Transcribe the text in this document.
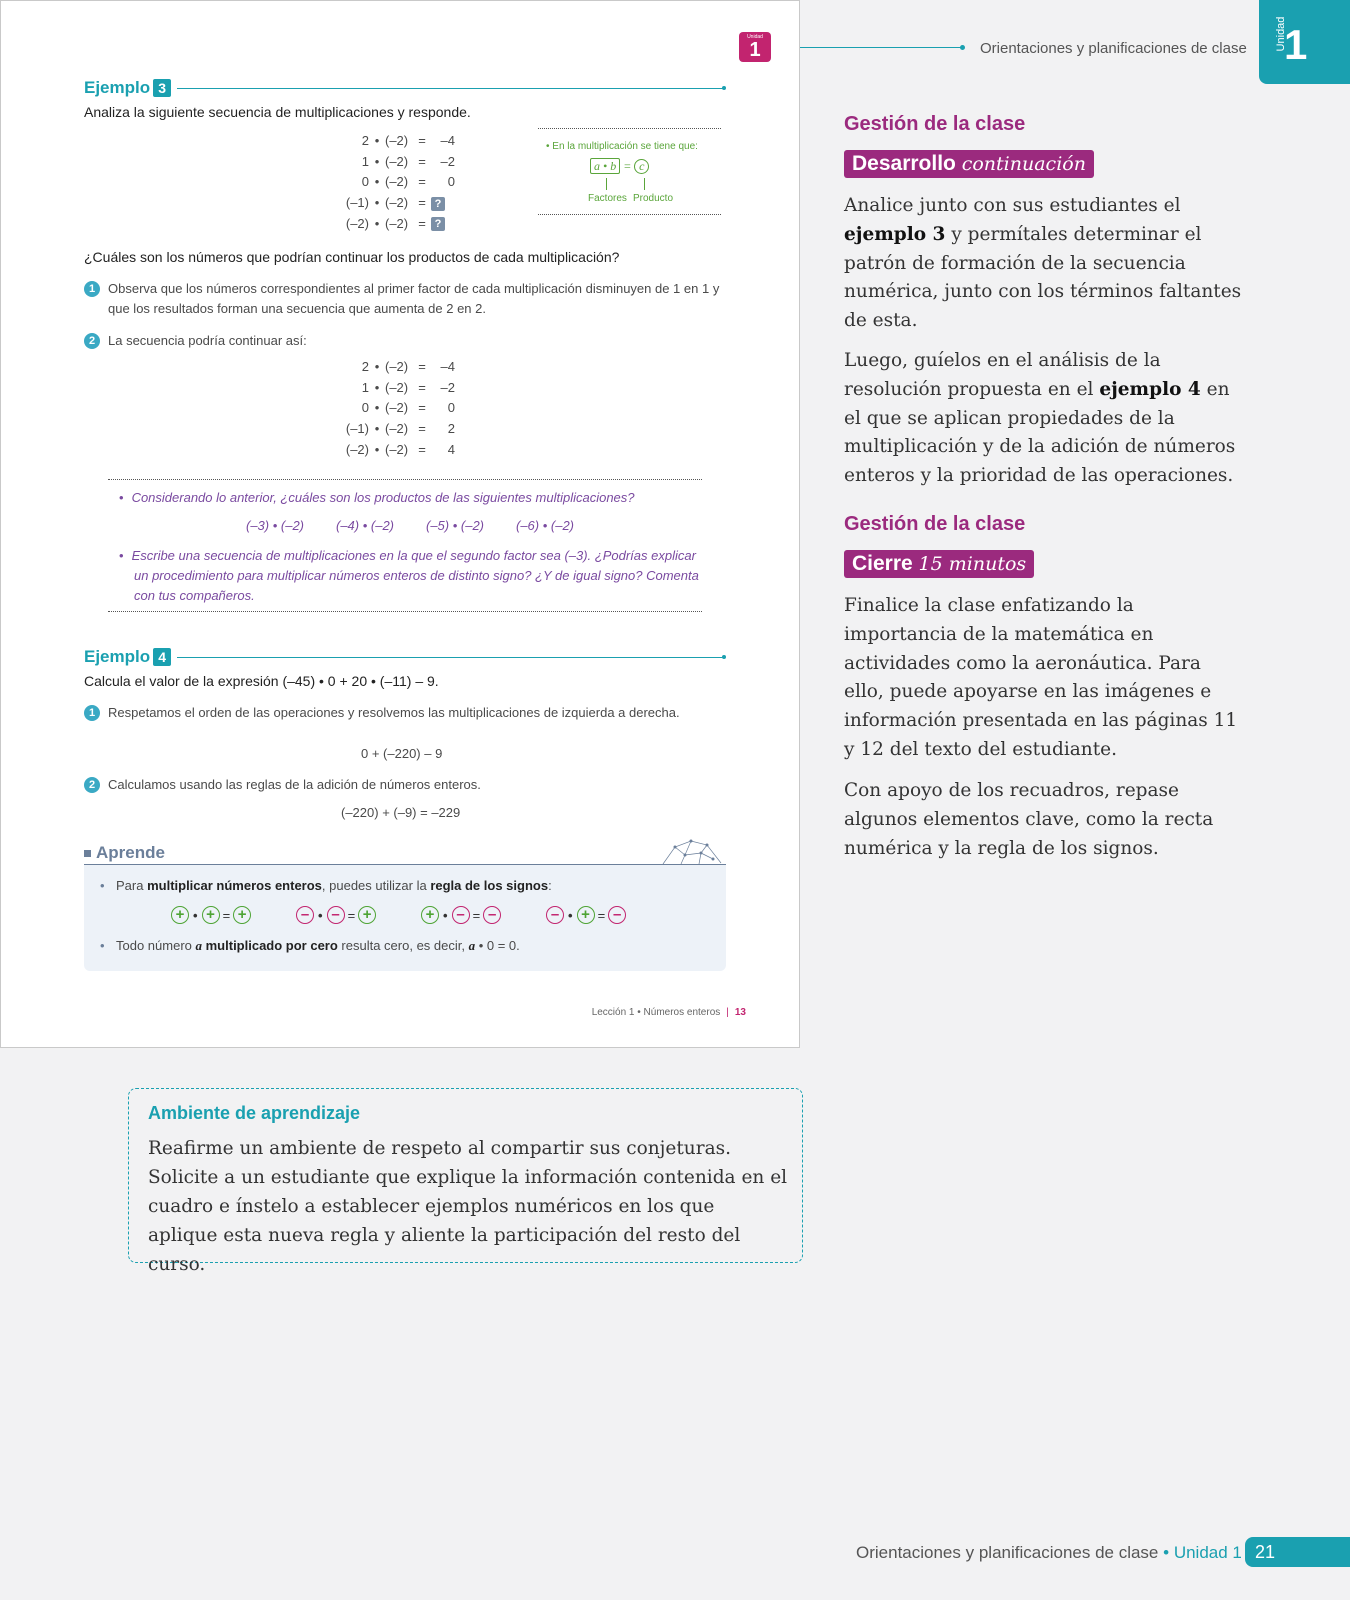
Unidad
1
Ejemplo 3
Analiza la siguiente secuencia de multiplicaciones y responde.
2 • (–2) = –4
1 • (–2) = –2
0 • (–2) = 0
(–1) • (–2) = ?
(–2) • (–2) = ?
• En la multiplicación se tiene que:
a • b = c
Factores Producto
¿Cuáles son los números que podrían continuar los productos de cada multiplicación?
1 Observa que los números correspondientes al primer factor de cada multiplicación disminuyen de 1 en 1 y que los resultados forman una secuencia que aumenta de 2 en 2.
2 La secuencia podría continuar así:
2 • (–2) = –4
1 • (–2) = –2
0 • (–2) = 0
(–1) • (–2) = 2
(–2) • (–2) = 4
• Considerando lo anterior, ¿cuáles son los productos de las siguientes multiplicaciones?
(–3) • (–2) (–4) • (–2) (–5) • (–2) (–6) • (–2)
• Escribe una secuencia de multiplicaciones en la que el segundo factor sea (–3). ¿Podrías explicar un procedimiento para multiplicar números enteros de distinto signo? ¿Y de igual signo? Comenta con tus compañeros.
Ejemplo 4
Calcula el valor de la expresión (–45) • 0 + 20 • (–11) – 9.
1 Respetamos el orden de las operaciones y resolvemos las multiplicaciones de izquierda a derecha.
0 + (–220) – 9
2 Calculamos usando las reglas de la adición de números enteros.
(–220) + (–9) = –229
Aprende
• Para multiplicar números enteros, puedes utilizar la regla de los signos:
• Todo número a multiplicado por cero resulta cero, es decir, a • 0 = 0.
+ • + = +	– • – = +	+ • – = –	– • + = –
Lección 1 • Números enteros | 13
Orientaciones y planificaciones de clase	Unidad
1
Gestión de la clase
Desarrollo continuación
Analice junto con sus estudiantes el ejemplo 3 y permítales determinar el patrón de formación de la secuencia numérica, junto con los términos faltantes de esta.
Luego, guíelos en el análisis de la resolución propuesta en el ejemplo 4 en el que se aplican propiedades de la multiplicación y de la adición de números enteros y la prioridad de las operaciones.
Gestión de la clase
Cierre 15 minutos
Finalice la clase enfatizando la importancia de la matemática en actividades como la aeronáutica. Para ello, puede apoyarse en las imágenes e información presentada en las páginas 11 y 12 del texto del estudiante.
Con apoyo de los recuadros, repase algunos elementos clave, como la recta numérica y la regla de los signos.
Ambiente de aprendizaje
Reafirme un ambiente de respeto al compartir sus conjeturas. Solicite a un estudiante que explique la información contenida en el cuadro e ínstelo a establecer ejemplos numéricos en los que aplique esta nueva regla y aliente la participación del resto del curso.
Orientaciones y planificaciones de clase • Unidad 1 21
